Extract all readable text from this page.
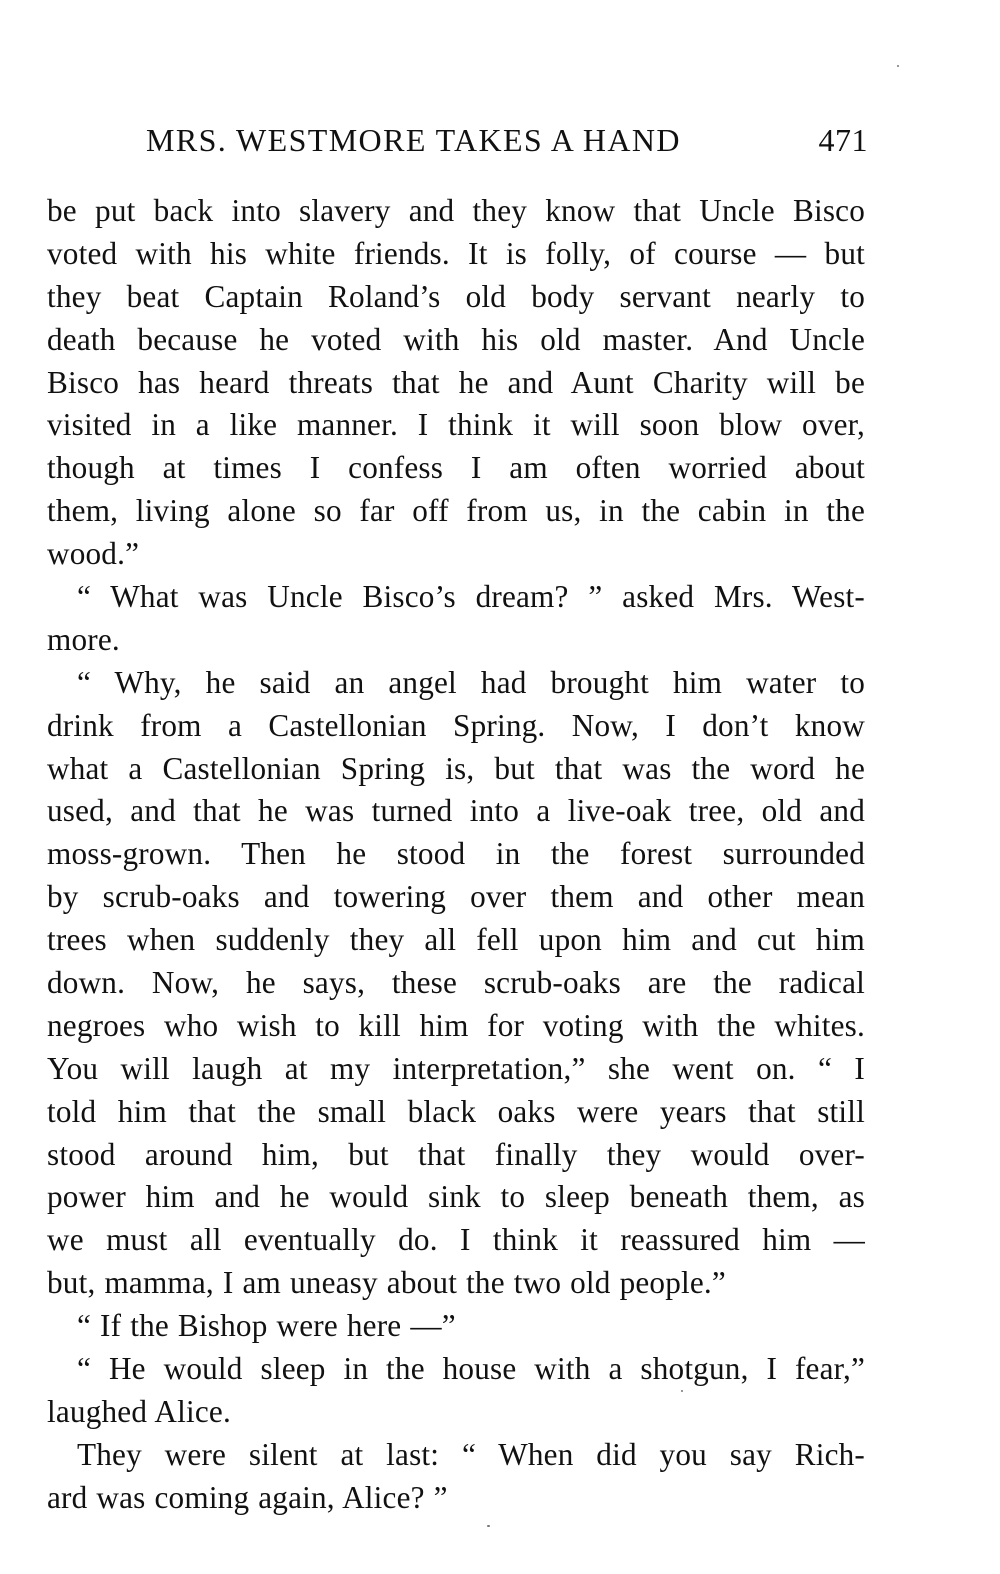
MRS. WESTMORE TAKES A HAND	471
be put back into slavery and they know that Uncle Bisco
voted with his white friends. It is folly, of course — but
they beat Captain Roland’s old body servant nearly to
death because he voted with his old master. And Uncle
Bisco has heard threats that he and Aunt Charity will be
visited in a like manner. I think it will soon blow over,
though at times I confess I am often worried about
them, living alone so far off from us, in the cabin in the
wood.”
“ What was Uncle Bisco’s dream? ” asked Mrs. West-
more.
“ Why, he said an angel had brought him water to
drink from a Castellonian Spring. Now, I don’t know
what a Castellonian Spring is, but that was the word he
used, and that he was turned into a live-oak tree, old and
moss-grown. Then he stood in the forest surrounded
by scrub-oaks and towering over them and other mean
trees when suddenly they all fell upon him and cut him
down. Now, he says, these scrub-oaks are the radical
negroes who wish to kill him for voting with the whites.
You will laugh at my interpretation,” she went on. “ I
told him that the small black oaks were years that still
stood around him, but that finally they would over-
power him and he would sink to sleep beneath them, as
we must all eventually do. I think it reassured him —
but, mamma, I am uneasy about the two old people.”
“ If the Bishop were here —”
“ He would sleep in the house with a shotgun, I fear,”
laughed Alice.
They were silent at last: “ When did you say Rich-
ard was coming again, Alice? ”
